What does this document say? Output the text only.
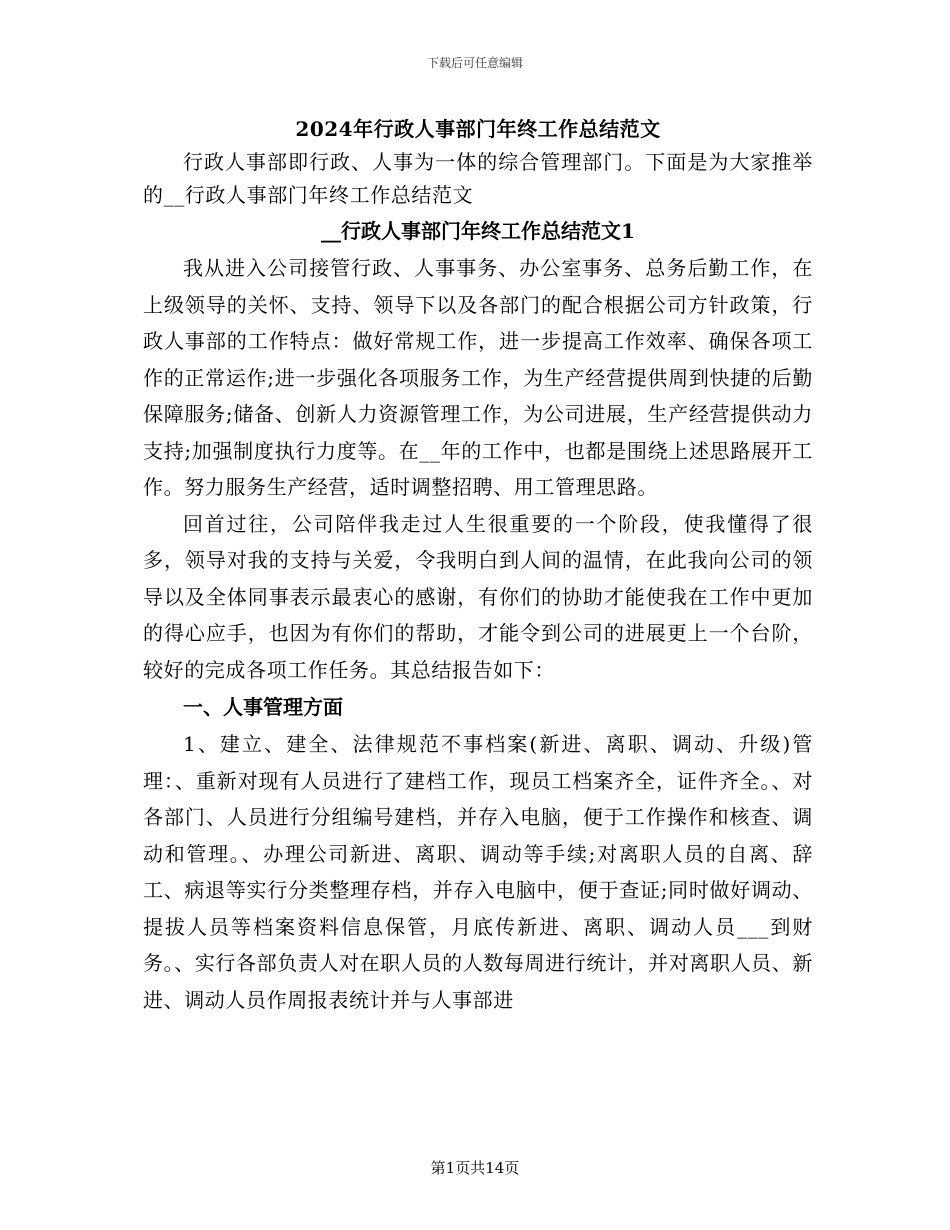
下载后可任意编辑
2024年行政人事部门年终工作总结范文

行政人事部即行政、人事为一体的综合管理部门。下面是为大家推举的__行政人事部门年终工作总结范文

__行政人事部门年终工作总结范文1

我从进入公司接管行政、人事事务、办公室事务、总务后勤工作，在上级领导的关怀、支持、领导下以及各部门的配合根据公司方针政策，行政人事部的工作特点：做好常规工作，进一步提高工作效率、确保各项工作的正常运作;进一步强化各项服务工作，为生产经营提供周到快捷的后勤保障服务;储备、创新人力资源管理工作，为公司进展，生产经营提供动力支持;加强制度执行力度等。在__年的工作中，也都是围绕上述思路展开工作。努力服务生产经营，适时调整招聘、用工管理思路。

回首过往，公司陪伴我走过人生很重要的一个阶段，使我懂得了很多，领导对我的支持与关爱，令我明白到人间的温情，在此我向公司的领导以及全体同事表示最衷心的感谢，有你们的协助才能使我在工作中更加的得心应手，也因为有你们的帮助，才能令到公司的进展更上一个台阶，较好的完成各项工作任务。其总结报告如下：

一、人事管理方面

1、建立、建全、法律规范不事档案(新进、离职、调动、升级)管理：、重新对现有人员进行了建档工作，现员工档案齐全，证件齐全。、对各部门、人员进行分组编号建档，并存入电脑，便于工作操作和核查、调动和管理。、办理公司新进、离职、调动等手续;对离职人员的自离、辞工、病退等实行分类整理存档，并存入电脑中，便于查证;同时做好调动、提拔人员等档案资料信息保管，月底传新进、离职、调动人员___到财务。、实行各部负责人对在职人员的人数每周进行统计，并对离职人员、新进、调动人员作周报表统计并与人事部进

第1页共14页
